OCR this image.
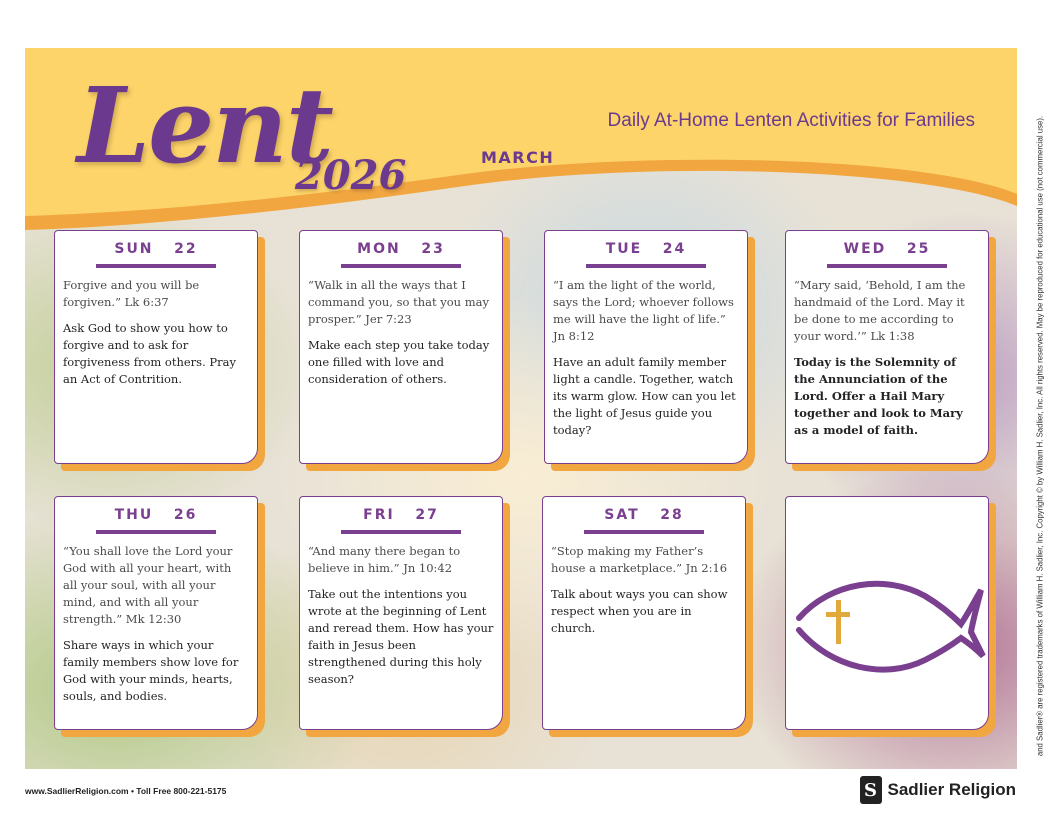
Lent
2026
Daily At-Home Lenten Activities for Families
MARCH
SUN   22
Forgive and you will be forgiven.” Lk 6:37
Ask God to show you how to forgive and to ask for forgiveness from others. Pray an Act of Contrition.
MON   23
“Walk in all the ways that I command you, so that you may prosper.” Jer 7:23
Make each step you take today one filled with love and consideration of others.
TUE   24
“I am the light of the world, says the Lord; whoever follows me will have the light of life.” Jn 8:12
Have an adult family member light a candle. Together, watch its warm glow. How can you let the light of Jesus guide you today?
WED   25
“Mary said, ‘Behold, I am the handmaid of the Lord. May it be done to me according to your word.’” Lk 1:38
Today is the Solemnity of the Annunciation of the Lord. Offer a Hail Mary together and look to Mary as a model of faith.
THU   26
“You shall love the Lord your God with all your heart, with all your soul, with all your mind, and with all your strength.” Mk 12:30
Share ways in which your family members show love for God with your minds, hearts, souls, and bodies.
FRI   27
“And many there began to believe in him.” Jn 10:42
Take out the intentions you wrote at the beginning of Lent and reread them. How has your faith in Jesus been strengthened during this holy season?
SAT   28
“Stop making my Father’s house a marketplace.” Jn 2:16
Talk about ways you can show respect when you are in church.
www.SadlierReligion.com • Toll Free 800-221-5175	S Sadlier Religion
and Sadlier® are registered trademarks of William H. Sadlier, Inc. Copyright © by William H. Sadlier, Inc. All rights reserved. May be reproduced for educational use (not commercial use).
